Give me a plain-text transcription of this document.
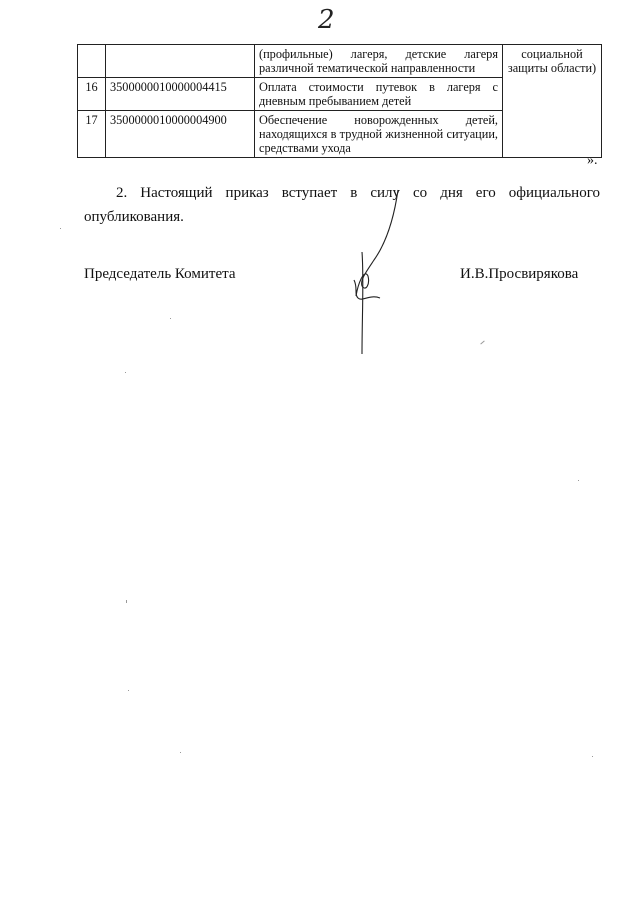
2
		(профильные) лагеря, детские лагеря различной тематической направленности	социальной защиты области)
16	3500000010000004415	Оплата стоимости путевок в лагеря с дневным пребыванием детей	
17	3500000010000004900	Обеспечение новорожденных детей, находящихся в трудной жизненной ситуации, средствами ухода	
».
2. Настоящий приказ вступает в силу со дня его официального опубликования.
Председатель Комитета	И.В.Просвирякова
